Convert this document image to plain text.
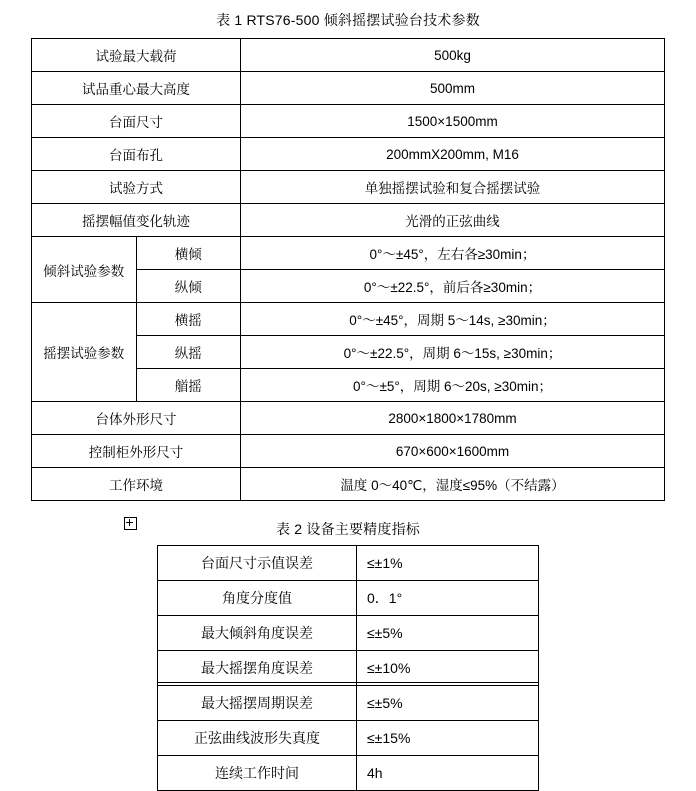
表 1 RTS76-500 倾斜摇摆试验台技术参数
试验最大载荷		500kg
试品重心最大高度		500mm
台面尺寸		1500×1500mm
台面布孔		200mmX200mm, M16
试验方式		单独摇摆试验和复合摇摆试验
摇摆幅值变化轨迹		光滑的正弦曲线
倾斜试验参数	横倾	0°～±45°，左右各≥30min；
	纵倾	0°～±22.5°，前后各≥30min；
摇摆试验参数	横摇	0°～±45°，周期 5～14s, ≥30min；
	纵摇	0°～±22.5°，周期 6～15s, ≥30min；
	艏摇	0°～±5°，周期 6～20s, ≥30min；
台体外形尺寸		2800×1800×1780mm
控制柜外形尺寸		670×600×1600mm
工作环境		温度 0～40℃，湿度≤95%（不结露）
表 2 设备主要精度指标
台面尺寸示值误差	≤±1%
角度分度值	0．1°
最大倾斜角度误差	≤±5%
最大摇摆角度误差	≤±10%
最大摇摆周期误差	≤±5%
正弦曲线波形失真度	≤±15%
连续工作时间	4h
